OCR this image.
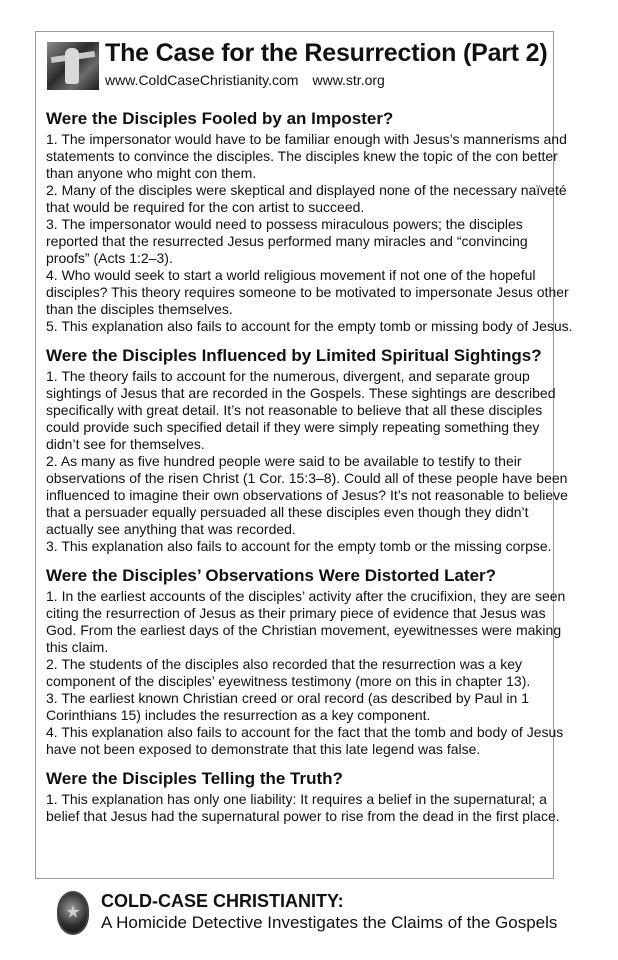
The Case for the Resurrection (Part 2)
www.ColdCaseChristianity.com www.str.org
Were the Disciples Fooled by an Imposter?

1. The impersonator would have to be familiar enough with Jesus’s mannerisms and statements to convince the disciples. The disciples knew the topic of the con better than anyone who might con them.

2. Many of the disciples were skeptical and displayed none of the necessary naïveté that would be required for the con artist to succeed.

3. The impersonator would need to possess miraculous powers; the disciples reported that the resurrected Jesus performed many miracles and “convincing proofs” (Acts 1:2–3).

4. Who would seek to start a world religious movement if not one of the hopeful disciples? This theory requires someone to be motivated to impersonate Jesus other than the disciples themselves.

5. This explanation also fails to account for the empty tomb or missing body of Jesus.

Were the Disciples Influenced by Limited Spiritual Sightings?

1. The theory fails to account for the numerous, divergent, and separate group sightings of Jesus that are recorded in the Gospels. These sightings are described specifically with great detail. It’s not reasonable to believe that all these disciples could provide such specified detail if they were simply repeating something they didn’t see for themselves.

2. As many as five hundred people were said to be available to testify to their observations of the risen Christ (1 Cor. 15:3–8). Could all of these people have been influenced to imagine their own observations of Jesus? It’s not reasonable to believe that a persuader equally persuaded all these disciples even though they didn’t actually see anything that was recorded.

3. This explanation also fails to account for the empty tomb or the missing corpse.

Were the Disciples’ Observations Were Distorted Later?

1. In the earliest accounts of the disciples’ activity after the crucifixion, they are seen citing the resurrection of Jesus as their primary piece of evidence that Jesus was God. From the earliest days of the Christian movement, eyewitnesses were making this claim.

2. The students of the disciples also recorded that the resurrection was a key component of the disciples’ eyewitness testimony (more on this in chapter 13).

3. The earliest known Christian creed or oral record (as described by Paul in 1 Corinthians 15) includes the resurrection as a key component.

4. This explanation also fails to account for the fact that the tomb and body of Jesus have not been exposed to demonstrate that this late legend was false.

Were the Disciples Telling the Truth?

1. This explanation has only one liability: It requires a belief in the supernatural; a belief that Jesus had the supernatural power to rise from the dead in the first place.

COLD-CASE CHRISTIANITY:
A Homicide Detective Investigates the Claims of the Gospels
